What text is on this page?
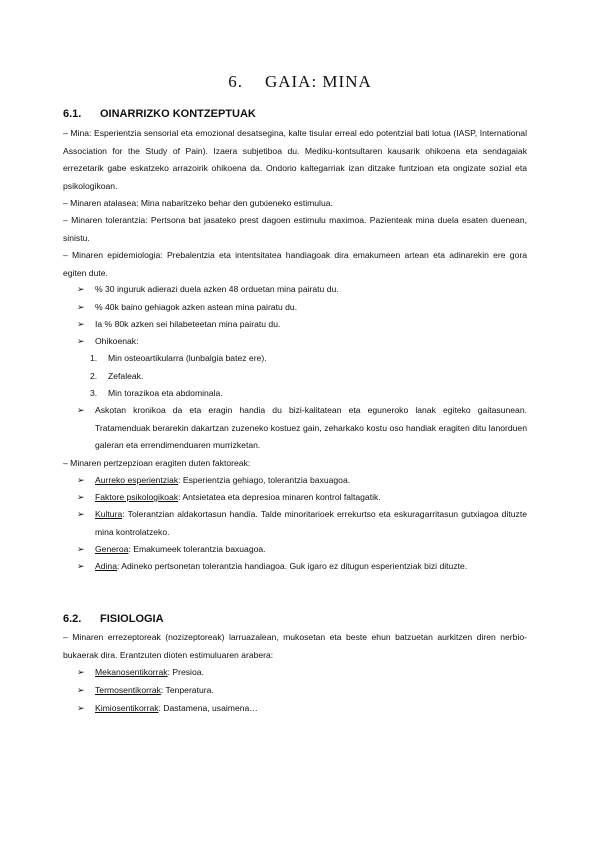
6. GAIA: MINA
6.1. OINARRIZKO KONTZEPTUAK
– Mina: Esperientzia sensorial eta emozional desatsegina, kalte tisular erreal edo potentzial bati lotua (IASP, International Association for the Study of Pain). Izaera subjetiboa du. Mediku-kontsultaren kausarik ohikoena eta sendagaiak errezetarik gabe eskatzeko arrazoirik ohikoena da. Ondorio kaltegarriak izan ditzake funtzioan eta ongizate sozial eta psikologikoan.
– Minaren atalasea: Mina nabaritzeko behar den gutxieneko estimulua.
– Minaren tolerantzia: Pertsona bat jasateko prest dagoen estimulu maximoa. Pazienteak mina duela esaten duenean, sinistu.
– Minaren epidemiologia: Prebalentzia eta intentsitatea handiagoak dira emakumeen artean eta adinarekin ere gora egiten dute.
➢ % 30 inguruk adierazi duela azken 48 orduetan mina pairatu du.
➢ % 40k baino gehiagok azken astean mina pairatu du.
➢ Ia % 80k azken sei hilabeteetan mina pairatu du.
➢ Ohikoenak:
1. Min osteoartikularra (lunbalgia batez ere).
2. Zefaleak.
3. Min torazikoa eta abdominala.
➢ Askotan kronikoa da eta eragin handia du bizi-kalitatean eta eguneroko lanak egiteko gaitasunean. Tratamenduak berarekin dakartzan zuzeneko kostuez gain, zeharkako kostu oso handiak eragiten ditu lanorduen galeran eta errendimenduaren murrizketan.
– Minaren pertzepzioan eragiten duten faktoreak:
➢ Aurreko esperientziak: Esperientzia gehiago, tolerantzia baxuagoa.
➢ Faktore psikologikoak: Antsietatea eta depresioa minaren kontrol faltagatik.
➢ Kultura: Tolerantzian aldakortasun handia. Talde minoritarioek errekurtso eta eskuragarritasun gutxiagoa dituzte mina kontrolatzeko.
➢ Generoa: Emakumeek tolerantzia baxuagoa.
➢ Adina: Adineko pertsonetan tolerantzia handiagoa. Guk igaro ez ditugun esperientziak bizi dituzte.
6.2. FISIOLOGIA
– Minaren errezeptoreak (nozizeptoreak) larruazalean, mukosetan eta beste ehun batzuetan aurkitzen diren nerbio-bukaerak dira. Erantzuten dioten estimuluaren arabera:
➢ Mekanosentikorrak: Presioa.
➢ Termosentikorrak: Tenperatura.
➢ Kimiosentikorrak: Dastamena, usaimena…
